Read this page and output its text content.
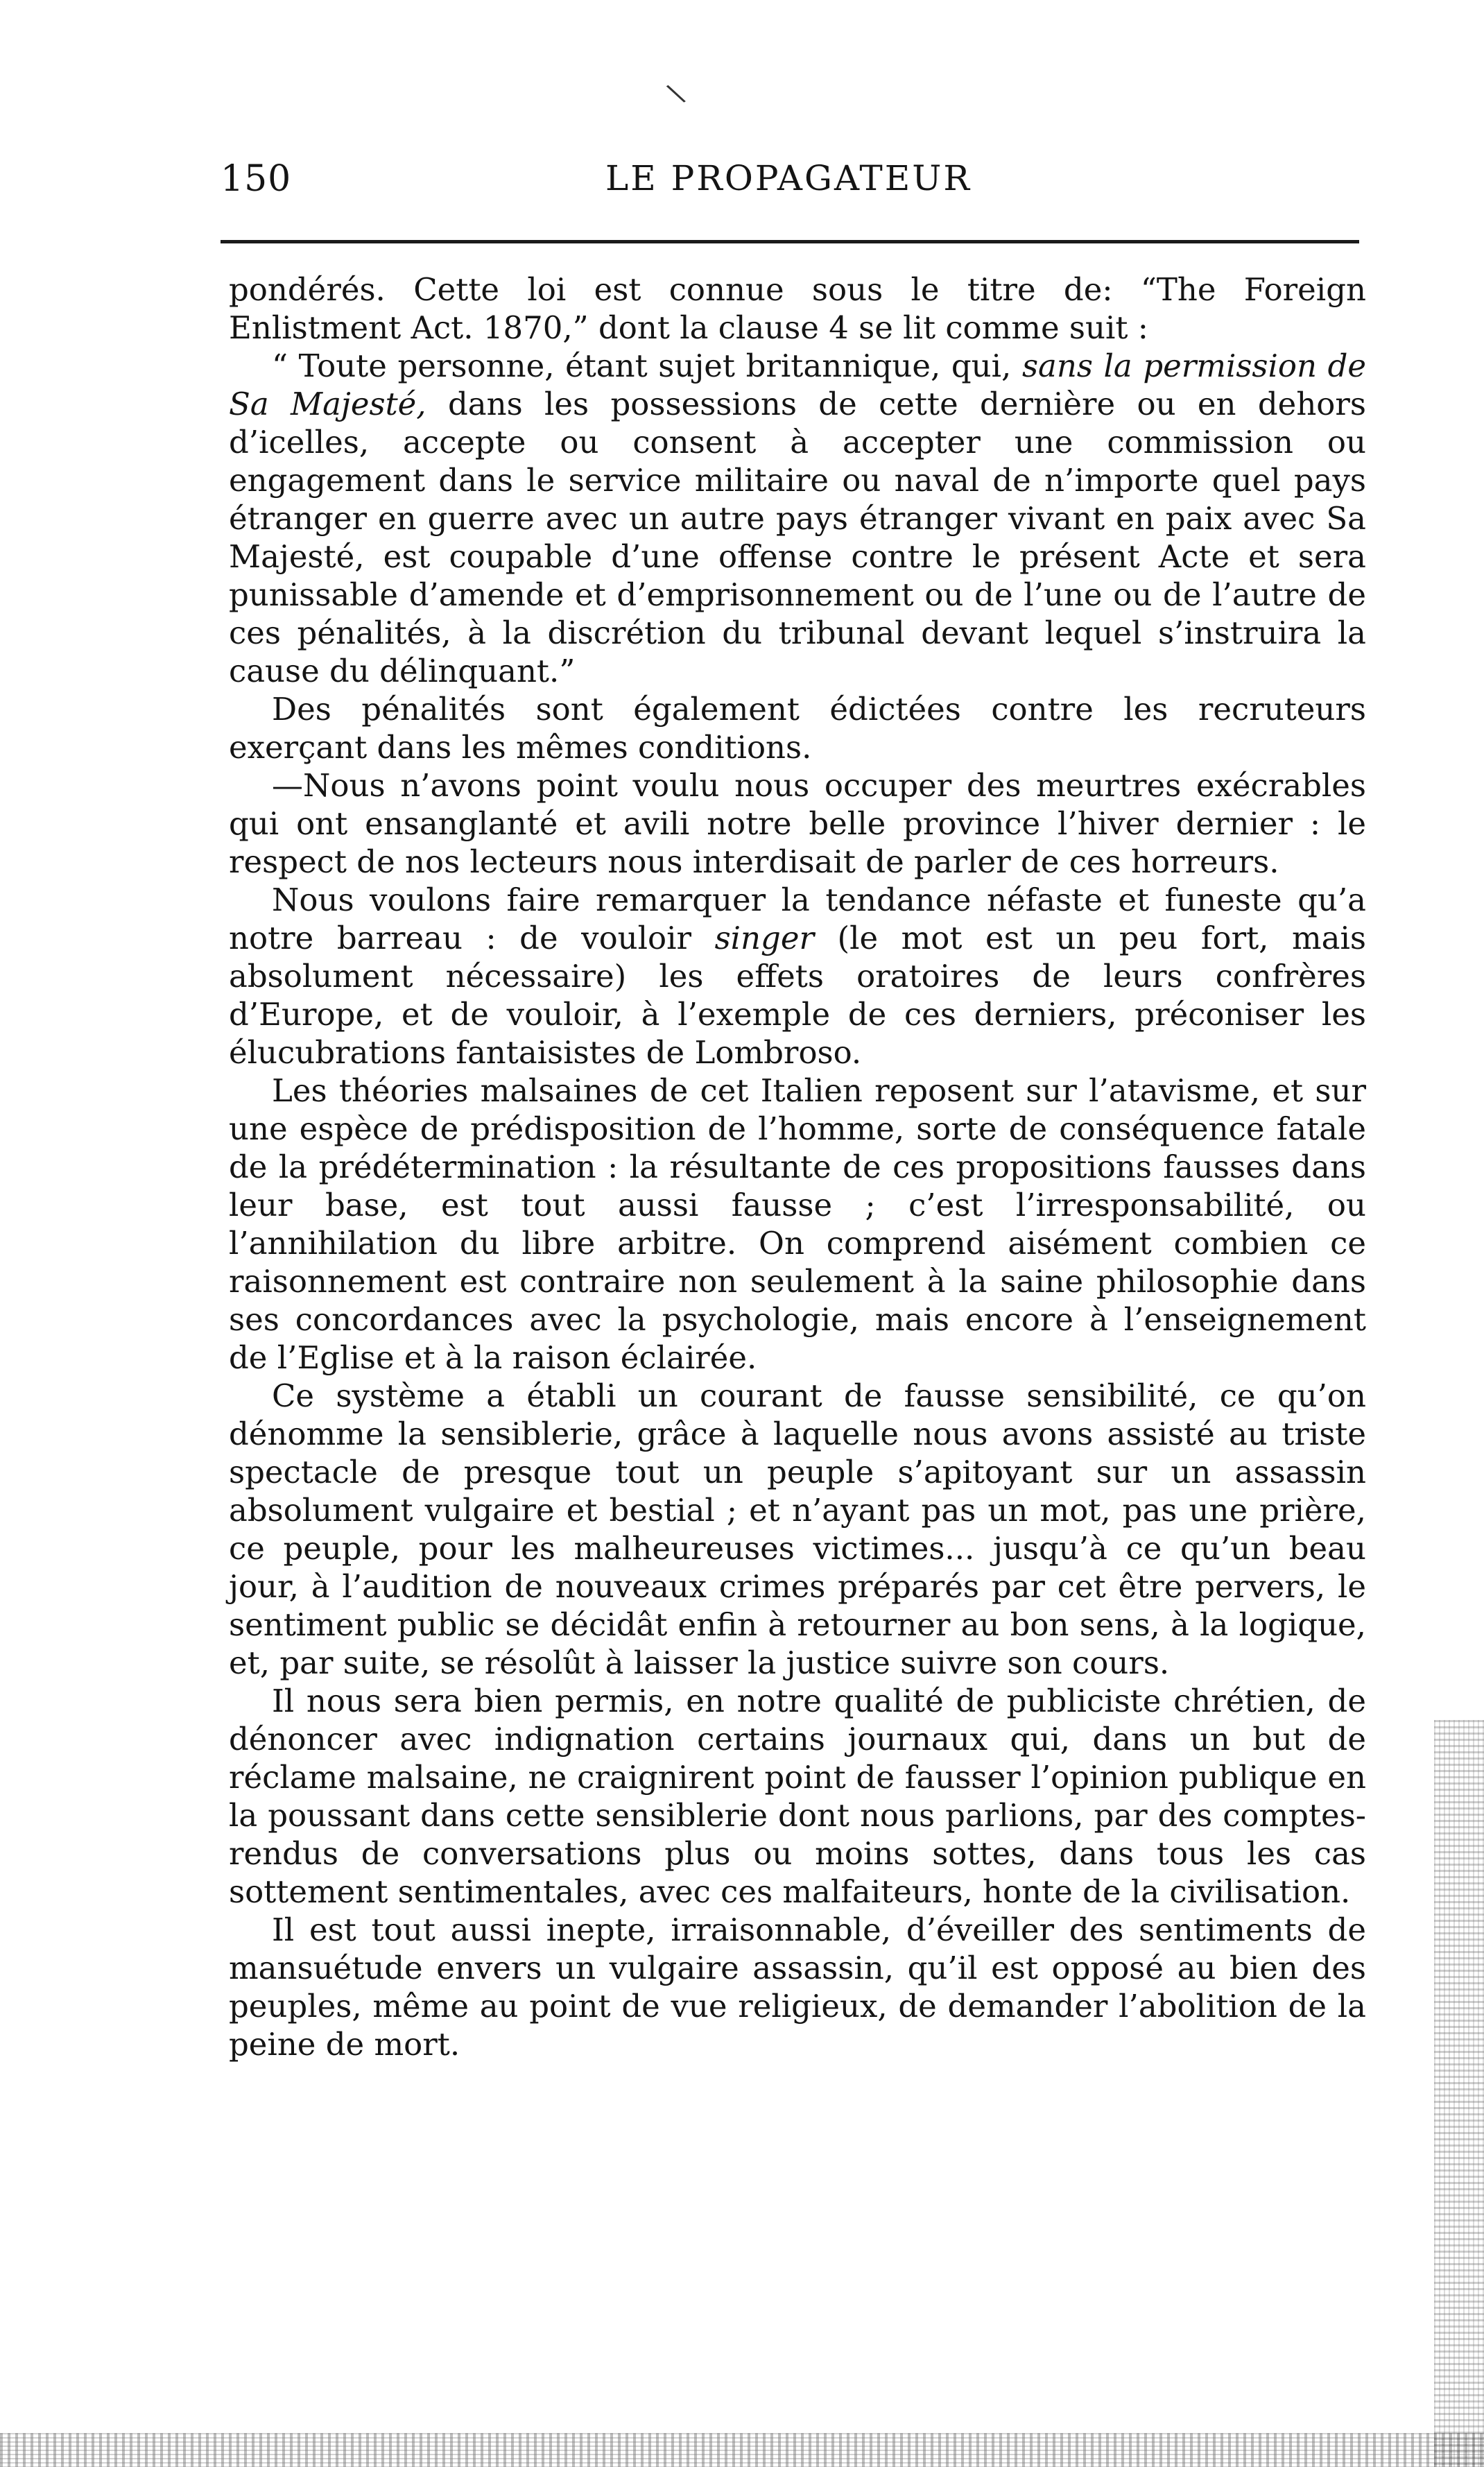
\
150	LE PROPAGATEUR

pondérés. Cette loi est connue sous le titre de: “The Foreign Enlistment Act. 1870,” dont la clause 4 se lit comme suit :

“ Toute personne, étant sujet britannique, qui, sans la permission de Sa Majesté, dans les possessions de cette dernière ou en dehors d’icelles, accepte ou consent à accepter une commission ou engagement dans le service militaire ou naval de n’importe quel pays étranger en guerre avec un autre pays étranger vivant en paix avec Sa Majesté, est coupable d’une offense contre le présent Acte et sera punissable d’amende et d’emprisonnement ou de l’une ou de l’autre de ces pénalités, à la discrétion du tribunal devant lequel s’instruira la cause du délinquant.”

Des pénalités sont également édictées contre les recruteurs exerçant dans les mêmes conditions.

—Nous n’avons point voulu nous occuper des meurtres exécrables qui ont ensanglanté et avili notre belle province l’hiver dernier : le respect de nos lecteurs nous interdisait de parler de ces horreurs.

Nous voulons faire remarquer la tendance néfaste et funeste qu’a notre barreau : de vouloir singer (le mot est un peu fort, mais absolument nécessaire) les effets oratoires de leurs confrères d’Europe, et de vouloir, à l’exemple de ces derniers, préconiser les élucubrations fantaisistes de Lombroso.

Les théories malsaines de cet Italien reposent sur l’atavisme, et sur une espèce de prédisposition de l’homme, sorte de conséquence fatale de la prédétermination : la résultante de ces propositions fausses dans leur base, est tout aussi fausse ; c’est l’irresponsabilité, ou l’annihilation du libre arbitre. On comprend aisément combien ce raisonnement est contraire non seulement à la saine philosophie dans ses concordances avec la psychologie, mais encore à l’enseignement de l’Eglise et à la raison éclairée.

Ce système a établi un courant de fausse sensibilité, ce qu’on dénomme la sensiblerie, grâce à laquelle nous avons assisté au triste spectacle de presque tout un peuple s’apitoyant sur un assassin absolument vulgaire et bestial ; et n’ayant pas un mot, pas une prière, ce peuple, pour les malheureuses victimes... jusqu’à ce qu’un beau jour, à l’audition de nouveaux crimes préparés par cet être pervers, le sentiment public se décidât enfin à retourner au bon sens, à la logique, et, par suite, se résolût à laisser la justice suivre son cours.

Il nous sera bien permis, en notre qualité de publiciste chrétien, de dénoncer avec indignation certains journaux qui, dans un but de réclame malsaine, ne craignirent point de fausser l’opinion publique en la poussant dans cette sensiblerie dont nous parlions, par des comptes-rendus de conversations plus ou moins sottes, dans tous les cas sottement sentimentales, avec ces malfaiteurs, honte de la civilisation.

Il est tout aussi inepte, irraisonnable, d’éveiller des sentiments de mansuétude envers un vulgaire assassin, qu’il est opposé au bien des peuples, même au point de vue religieux, de demander l’abolition de la peine de mort.
